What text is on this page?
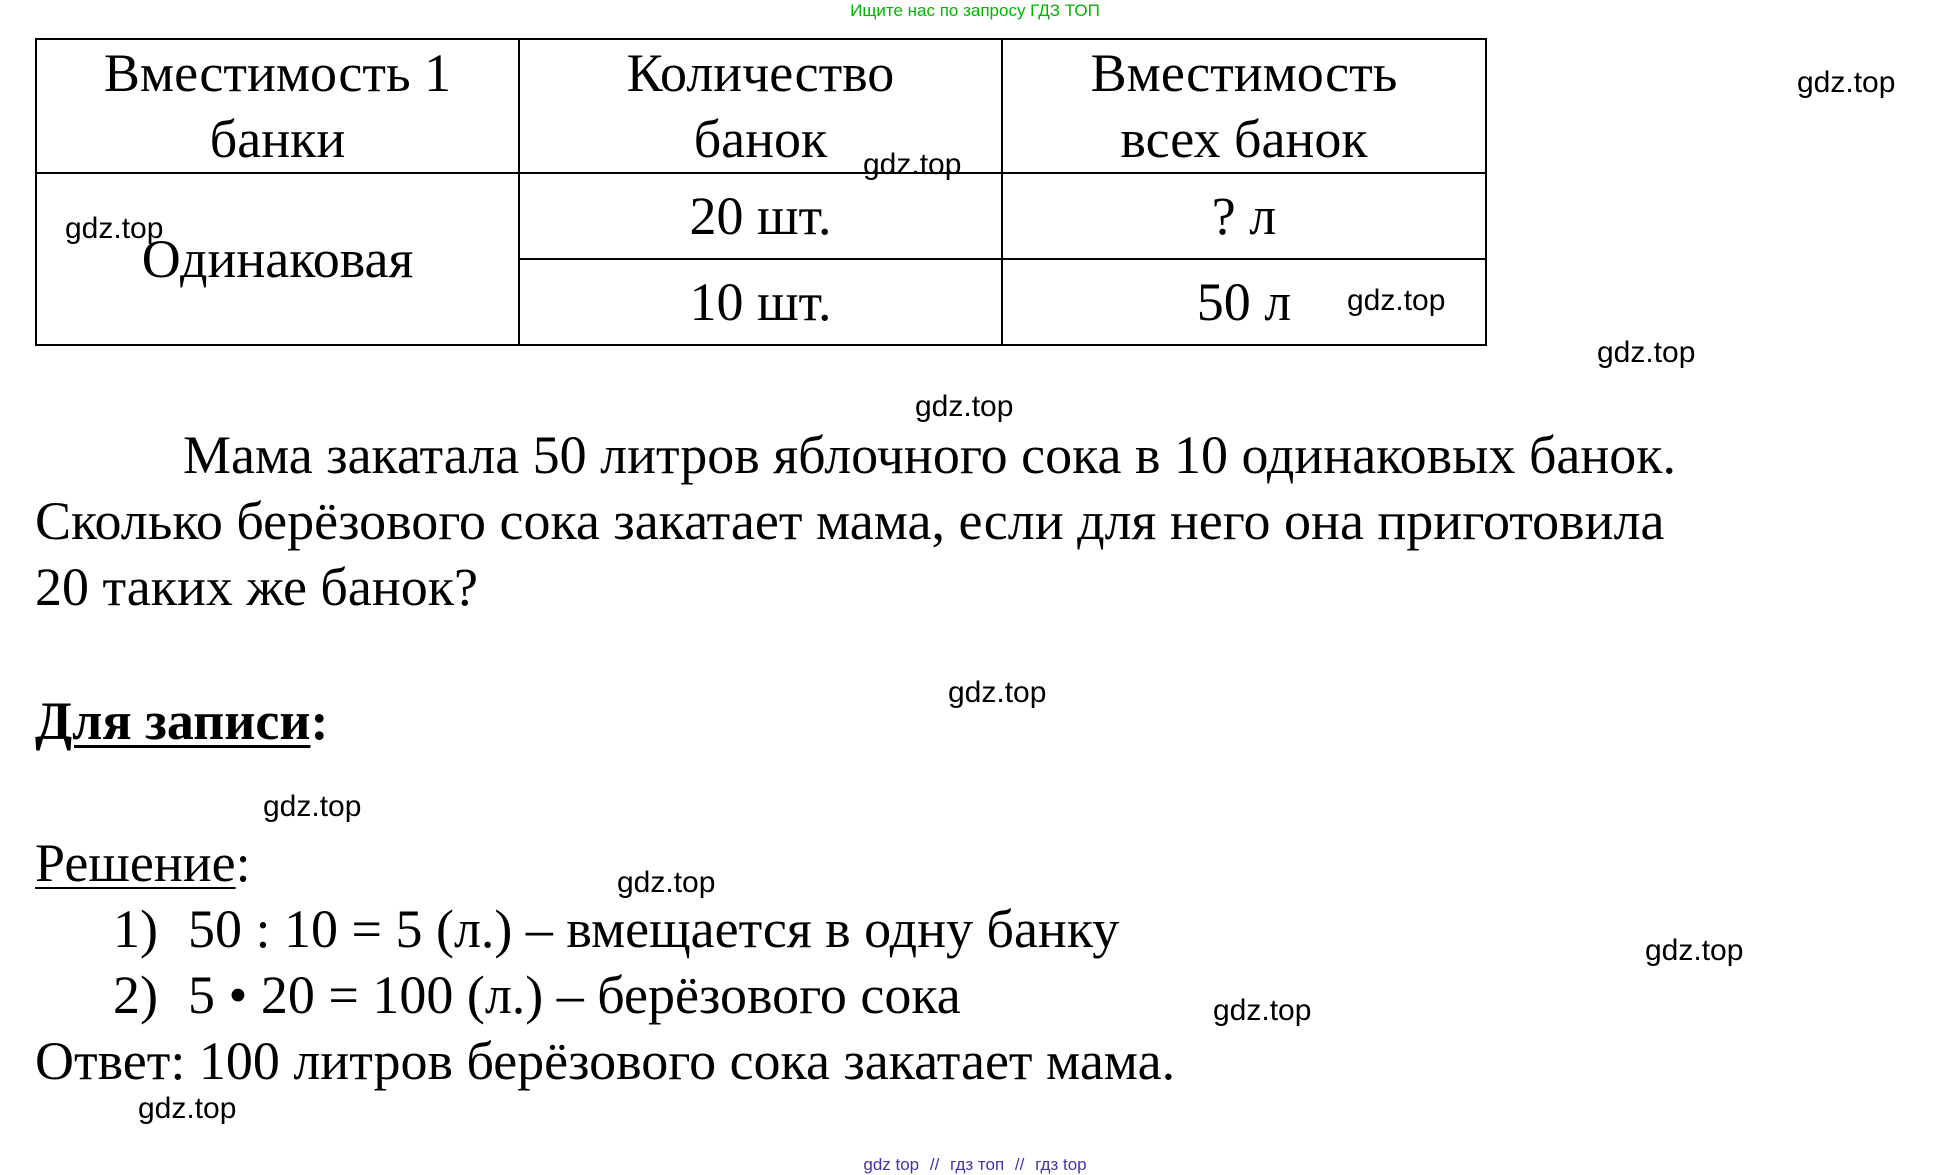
Ищите нас по запросу ГДЗ ТОП
Вместимость 1 банки	Количество банок	Вместимость всех банок
Одинаковая	20 шт.	? л
	10 шт.	50 л
Мама закатала 50 литров яблочного сока в 10 одинаковых банок.
Сколько берёзового сока закатает мама, если для него она приготовила
20 таких же банок?
Для записи:
Решение:
1) 50 : 10 = 5 (л.) – вмещается в одну банку
2) 5 • 20 = 100 (л.) – берёзового сока
Ответ: 100 литров берёзового сока закатает мама.
gdz.top
gdz.top
gdz.top
gdz.top
gdz.top
gdz.top
gdz.top
gdz.top
gdz.top
gdz.top
gdz.top
gdz.top
gdz top // гдз топ // гдз top
